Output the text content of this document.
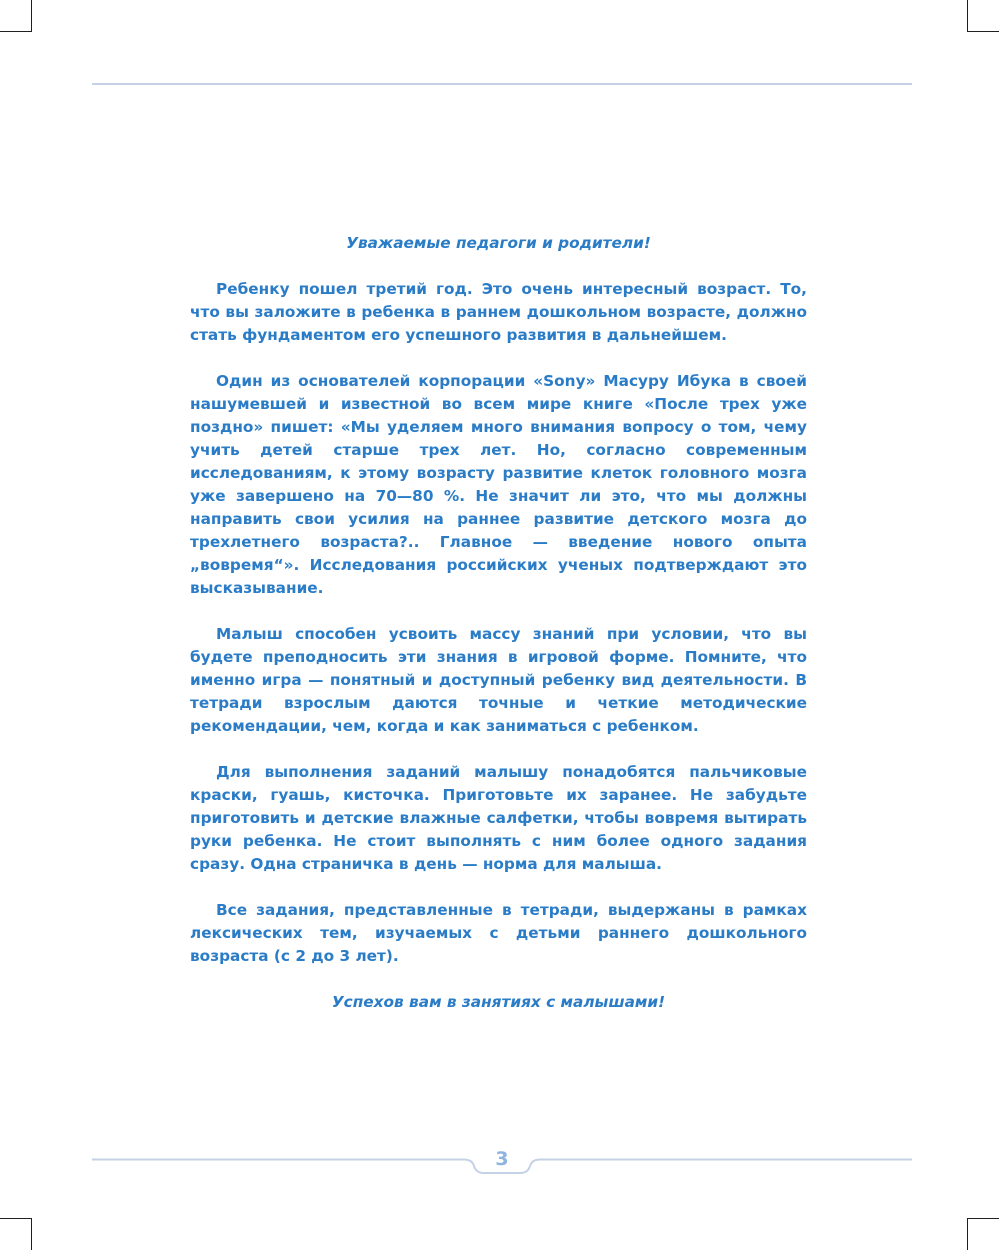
Уважаемые педагоги и родители!

Ребенку пошел третий год. Это очень интересный возраст. То, что вы заложите в ребенка в раннем дошкольном возрасте, должно стать фундаментом его успешного развития в дальнейшем.

Один из основателей корпорации «Sony» Масуру Ибука в своей нашумевшей и известной во всем мире книге «После трех уже поздно» пишет: «Мы уделяем много внимания вопросу о том, чему учить детей старше трех лет. Но, согласно современным исследованиям, к этому возрасту развитие клеток головного мозга уже завершено на 70—80 %. Не значит ли это, что мы должны направить свои усилия на раннее развитие детского мозга до трехлетнего возраста?.. Главное — введение нового опыта „вовремя“». Исследования российских ученых подтверждают это высказывание.

Малыш способен усвоить массу знаний при условии, что вы будете преподносить эти знания в игровой форме. Помните, что именно игра — понятный и доступный ребенку вид деятельности. В тетради взрослым даются точные и четкие методические рекомендации, чем, когда и как заниматься с ребенком.

Для выполнения заданий малышу понадобятся пальчиковые краски, гуашь, кисточка. Приготовьте их заранее. Не забудьте приготовить и детские влажные салфетки, чтобы вовремя вытирать руки ребенка. Не стоит выполнять с ним более одного задания сразу. Одна страничка в день — норма для малыша.

Все задания, представленные в тетради, выдержаны в рамках лексических тем, изучаемых с детьми раннего дошкольного возраста (с 2 до 3 лет).

Успехов вам в занятиях с малышами!

3
